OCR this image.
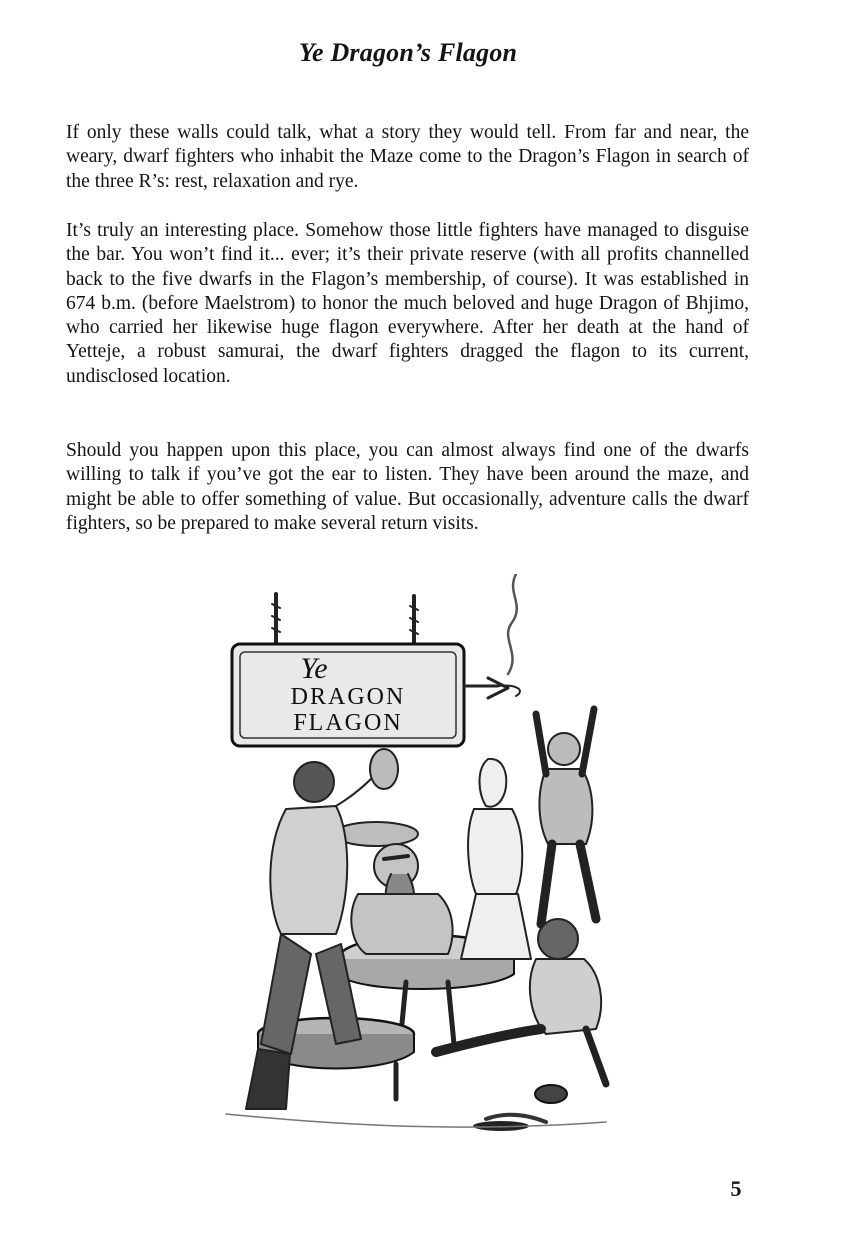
Ye Dragon’s Flagon

If only these walls could talk, what a story they would tell. From far and near, the weary, dwarf fighters who inhabit the Maze come to the Dragon’s Flagon in search of the three R’s: rest, relaxation and rye.

It’s truly an interesting place. Somehow those little fighters have managed to disguise the bar. You won’t find it... ever; it’s their private reserve (with all profits channelled back to the five dwarfs in the Flagon’s membership, of course). It was established in 674 b.m. (before Maelstrom) to honor the much beloved and huge Dragon of Bhjimo, who carried her likewise huge flagon everywhere. After her death at the hand of Yetteje, a robust samurai, the dwarf fighters dragged the flagon to its current, undisclosed location.

Should you happen upon this place, you can almost always find one of the dwarfs willing to talk if you’ve got the ear to listen. They have been around the maze, and might be able to offer something of value. But occasionally, adventure calls the dwarf fighters, so be prepared to make several return visits.

Ye
DRAGON
FLAGON
5
